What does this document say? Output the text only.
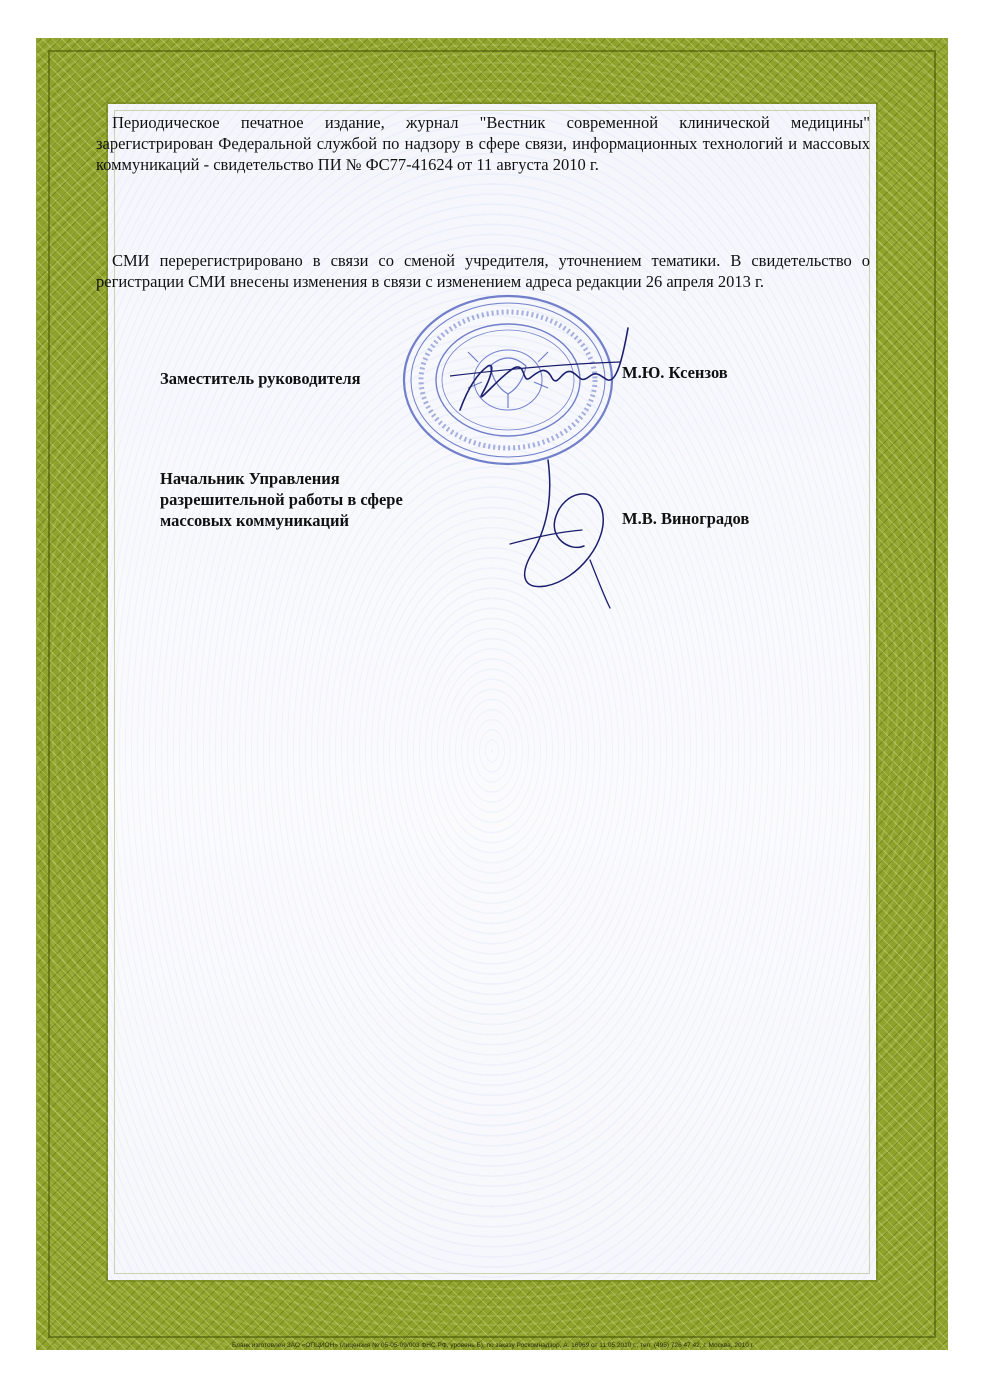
Периодическое печатное издание, журнал "Вестник современной клинической медицины" зарегистрирован Федеральной службой по надзору в сфере связи, информационных технологий и массовых коммуникаций - свидетельство ПИ № ФС77-41624 от 11 августа 2010 г.

СМИ перерегистрировано в связи со сменой учредителя, уточнением тематики. В свидетельство о регистрации СМИ внесены изменения в связи с изменением адреса редакции 26 апреля 2013 г.

Заместитель руководителя	М.Ю. Ксензов

Начальник Управления разрешительной работы в сфере массовых коммуникаций	М.В. Виноградов

Бланк изготовлен ЗАО «ОПЦИОН» (лицензия № 05-05-09/003 ФНС РФ, уровень Б), по заказу Роскомнадзор, А. 16969 от 11.05.2010 г., тел. (495) 726 47 42, г. Москва, 2010 г.
